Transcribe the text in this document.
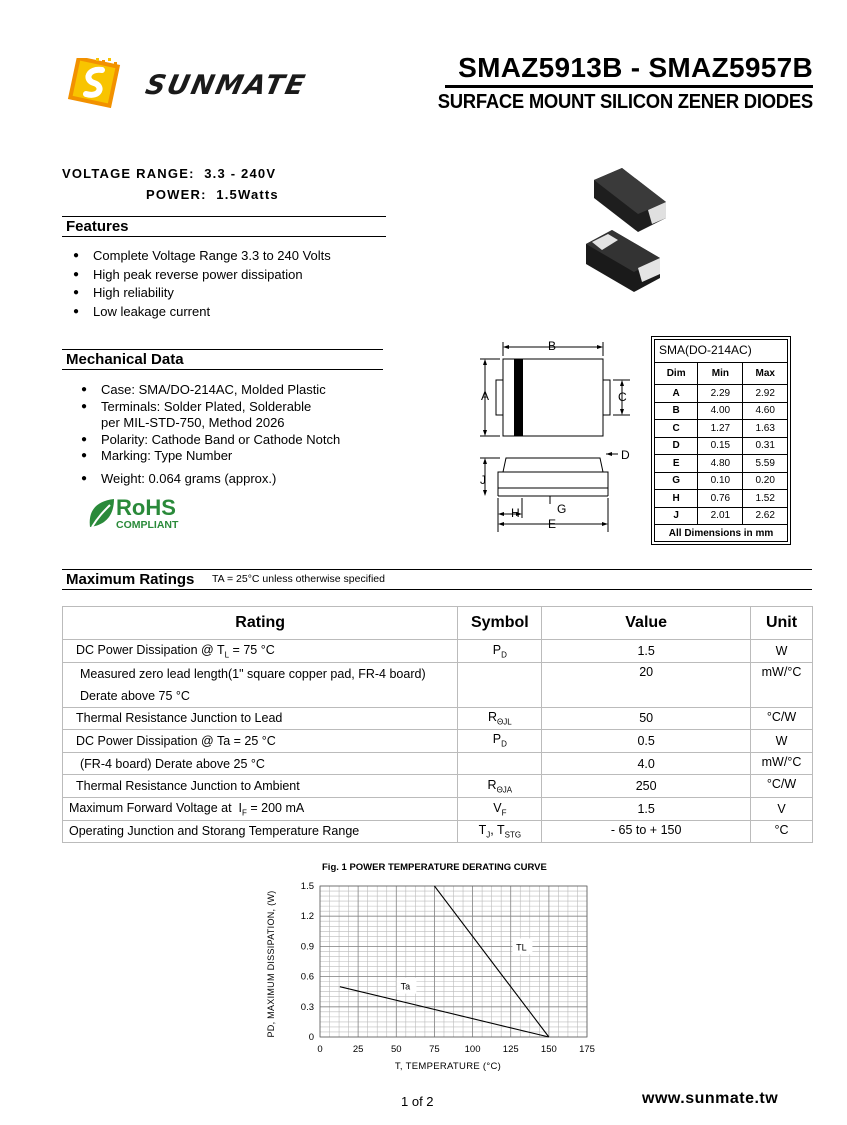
SUNMATE
SMAZ5913B - SMAZ5957B
SURFACE MOUNT SILICON ZENER DIODES
VOLTAGE RANGE: 3.3 - 240V
POWER: 1.5Watts
Features
● Complete Voltage Range 3.3 to 240 Volts
● High peak reverse power dissipation
● High reliability
● Low leakage current
Mechanical Data
● Case: SMA/DO-214AC, Molded Plastic
● Terminals: Solder Plated, Solderable
per MIL-STD-750, Method 2026
● Polarity: Cathode Band or Cathode Notch
● Marking: Type Number
● Weight: 0.064 grams (approx.)
RoHS
COMPLIANT
B
A	C
D
J
G
H
E
SMA(DO-214AC)
Dim	Min	Max
A	2.29	2.92
B	4.00	4.60
C	1.27	1.63
D	0.15	0.31
E	4.80	5.59
G	0.10	0.20
H	0.76	1.52
J	2.01	2.62
All Dimensions in mm		
Maximum Ratings TA = 25°C unless otherwise specified
Rating	Symbol	Value	Unit
DC Power Dissipation @ $T_L = 75$ °C	$P_D$	1.5	W

Measured zero lead length(1" square copper pad, FR-4 board)
Derate above 75 °C		20	mW/°C
Thermal Resistance Junction to Lead	$R_{\Theta JL}$	50	°C/W
DC Power Dissipation @ Ta = 25 °C	$P_D$	0.5	W
(FR-4 board) Derate above 25 °C		4.0	mW/°C
Thermal Resistance Junction to Ambient	$R_{\Theta JA}$	250	°C/W
Maximum Forward Voltage at  $I_F = 200$ mA	$V_F$	1.5	V
Operating Junction and Storang Temperature Range	$T_J$, $T_{STG}$	- 65 to + 150	°C
Fig. 1 POWER TEMPERATURE DERATING CURVE
TL
Ta
0	25	50	75	100 125 150 175
0
0.3
0.6
0.9
1.2
1.5
T, TEMPERATURE (°C)
PD, MAXIMUM DISSIPATION, (W)
1 of 2	www.sunmate.tw
